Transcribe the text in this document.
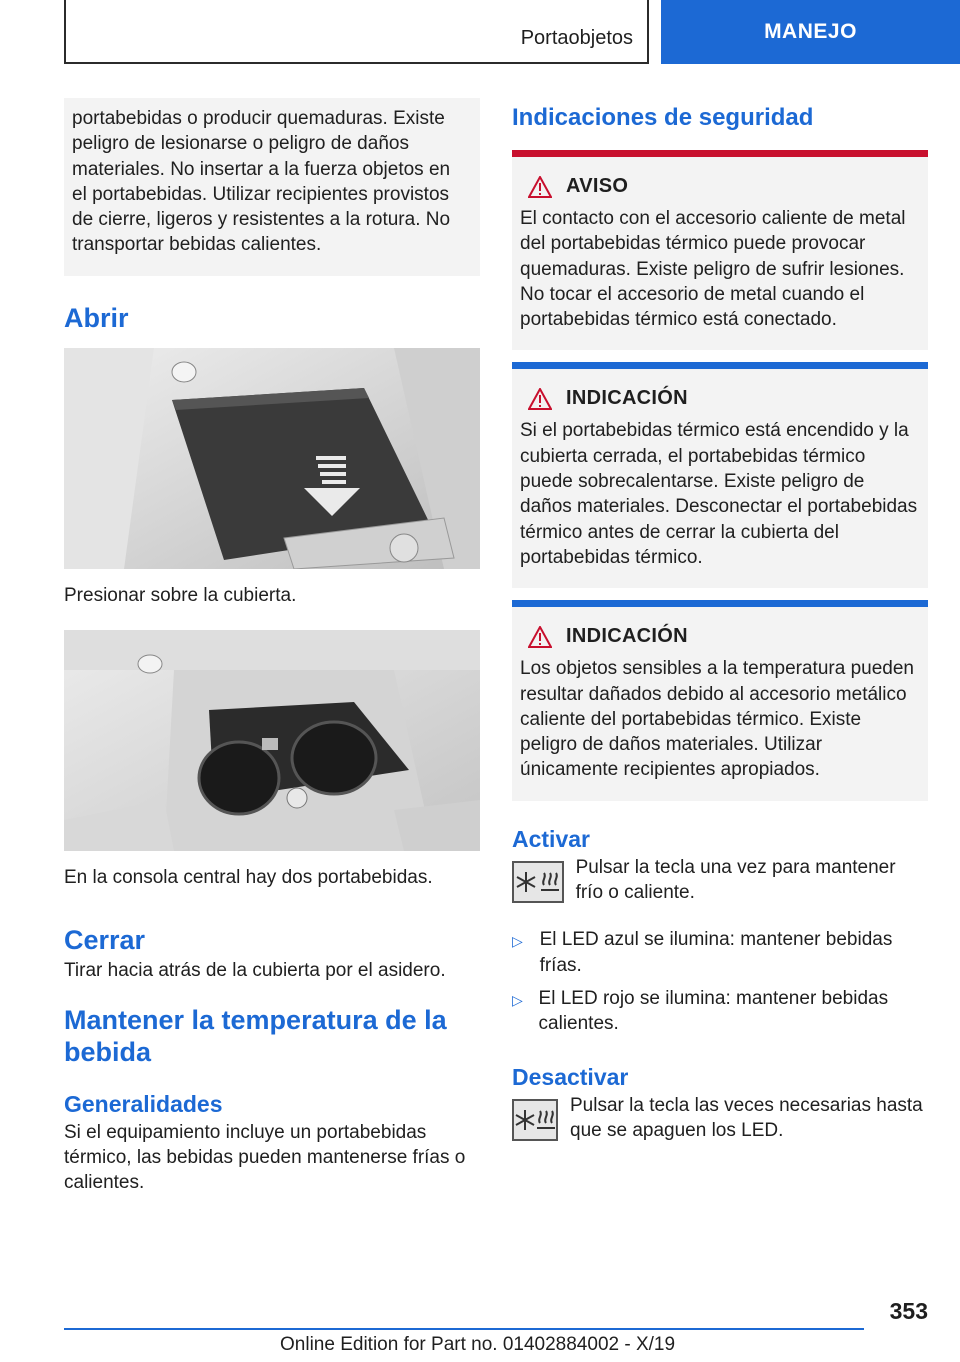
Portaobjetos	MANEJO
portabebidas o producir quemaduras. Existe peligro de lesionarse o peligro de daños materiales. No insertar a la fuerza objetos en el portabebidas. Utilizar recipientes provistos de cierre, ligeros y resistentes a la rotura. No transportar bebidas calientes.
Abrir

Presionar sobre la cubierta.

En la consola central hay dos portabebidas.

Cerrar

Tirar hacia atrás de la cubierta por el asidero.

Mantener la temperatura de la bebida
Generalidades

Si el equipamiento incluye un portabebidas térmico, las bebidas pueden mantenerse frías o calientes.

Indicaciones de seguridad
AVISO
El contacto con el accesorio caliente de metal del portabebidas térmico puede provocar quemaduras. Existe peligro de sufrir lesiones. No tocar el accesorio de metal cuando el portabebidas térmico está conectado.
INDICACIÓN
Si el portabebidas térmico está encendido y la cubierta cerrada, el portabebidas térmico puede sobrecalentarse. Existe peligro de daños materiales. Desconectar el portabebidas térmico antes de cerrar la cubierta del portabebidas térmico.
INDICACIÓN
Los objetos sensibles a la temperatura pueden resultar dañados debido al accesorio metálico caliente del portabebidas térmico. Existe peligro de daños materiales. Utilizar únicamente recipientes apropiados.
Activar

Pulsar la tecla una vez para mantener frío o caliente.

▷ El LED azul se ilumina: mantener bebidas frías.
▷ El LED rojo se ilumina: mantener bebidas calientes.
Desactivar

Pulsar la tecla las veces necesarias hasta que se apaguen los LED.

353
Online Edition for Part no. 01402884002 - X/19
